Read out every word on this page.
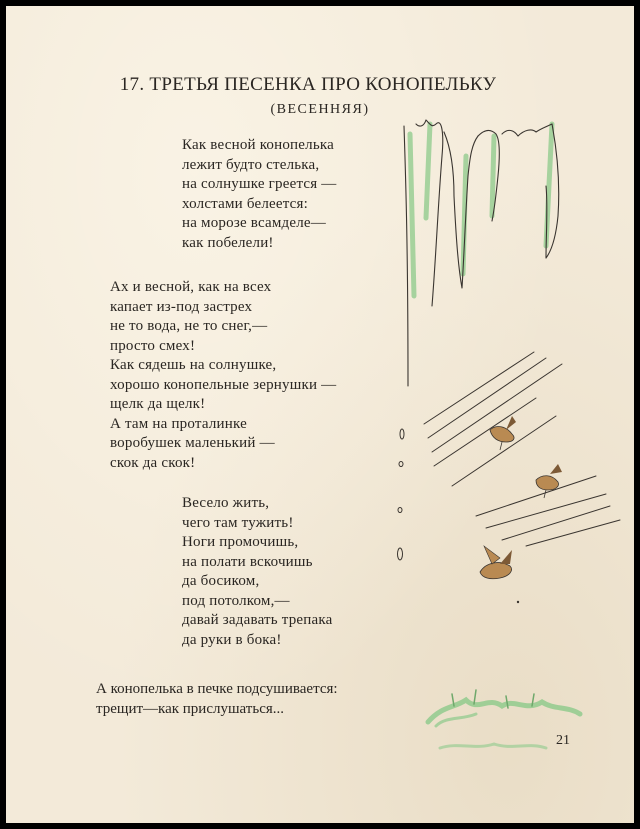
17. ТРЕТЬЯ ПЕСЕНКА ПРО КОНОПЕЛЬКУ
(ВЕСЕННЯЯ)
Как весной конопелька
лежит будто стелька,
на солнушке греется —
холстами белеется:
на морозе всамделе—
как побелели!
Ах и весной, как на всех
капает из-под застрех
не то вода, не то снег,—
просто смех!
Как сядешь на солнушке,
хорошо конопельные зернушки —
щелк да щелк!
А там на проталинке
воробушек маленький —
скок да скок!
Весело жить,
чего там тужить!
Ноги промочишь,
на полати вскочишь
да босиком,
под потолком,—
давай задавать трепака
да руки в бока!
А конопелька в печке подсушивается:
трещит—как прислушаться...
21
